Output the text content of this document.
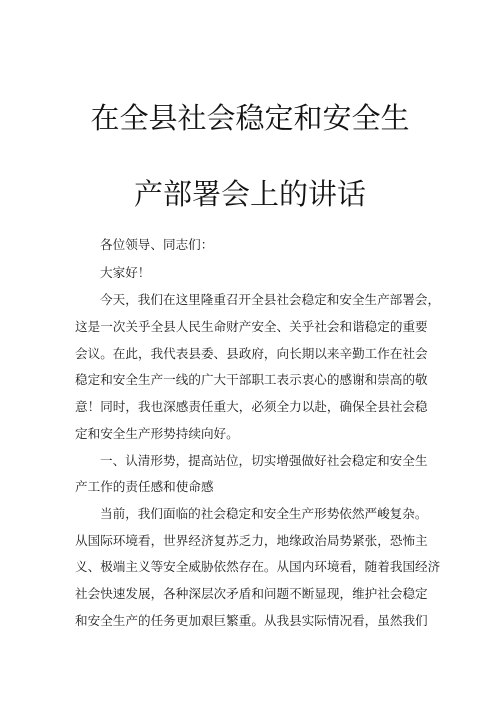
在全县社会稳定和安全生
产部署会上的讲话
各位领导、同志们：
大家好！
今天，我们在这里隆重召开全县社会稳定和安全生产部署会，
这是一次关乎全县人民生命财产安全、关乎社会和谐稳定的重要
会议。在此，我代表县委、县政府，向长期以来辛勤工作在社会
稳定和安全生产一线的广大干部职工表示衷心的感谢和崇高的敬
意！同时，我也深感责任重大，必须全力以赴，确保全县社会稳
定和安全生产形势持续向好。
一、认清形势，提高站位，切实增强做好社会稳定和安全生
产工作的责任感和使命感
当前，我们面临的社会稳定和安全生产形势依然严峻复杂。
从国际环境看，世界经济复苏乏力，地缘政治局势紧张，恐怖主
义、极端主义等安全威胁依然存在。从国内环境看，随着我国经济
社会快速发展，各种深层次矛盾和问题不断显现，维护社会稳定
和安全生产的任务更加艰巨繁重。从我县实际情况看，虽然我们
